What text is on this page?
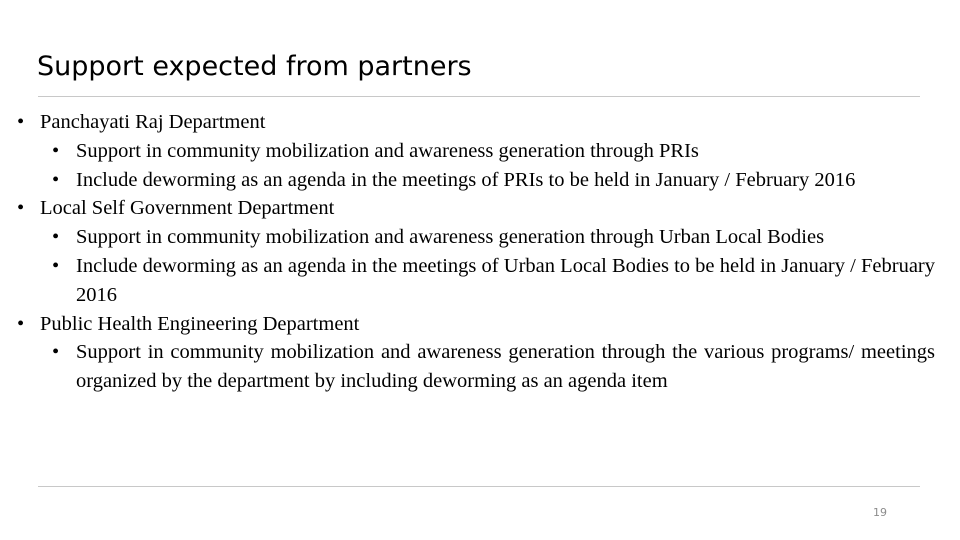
Support expected from partners

• Panchayati Raj Department

• Support in community mobilization and awareness generation through PRIs

• Include deworming as an agenda in the meetings of PRIs to be held in January / February 2016

• Local Self Government Department

• Support in community mobilization and awareness generation through Urban Local Bodies

• Include deworming as an agenda in the meetings of Urban Local Bodies to be held in January / February 2016

• Public Health Engineering Department

• Support in community mobilization and awareness generation through the various programs/ meetings organized by the department by including deworming as an agenda item

19
